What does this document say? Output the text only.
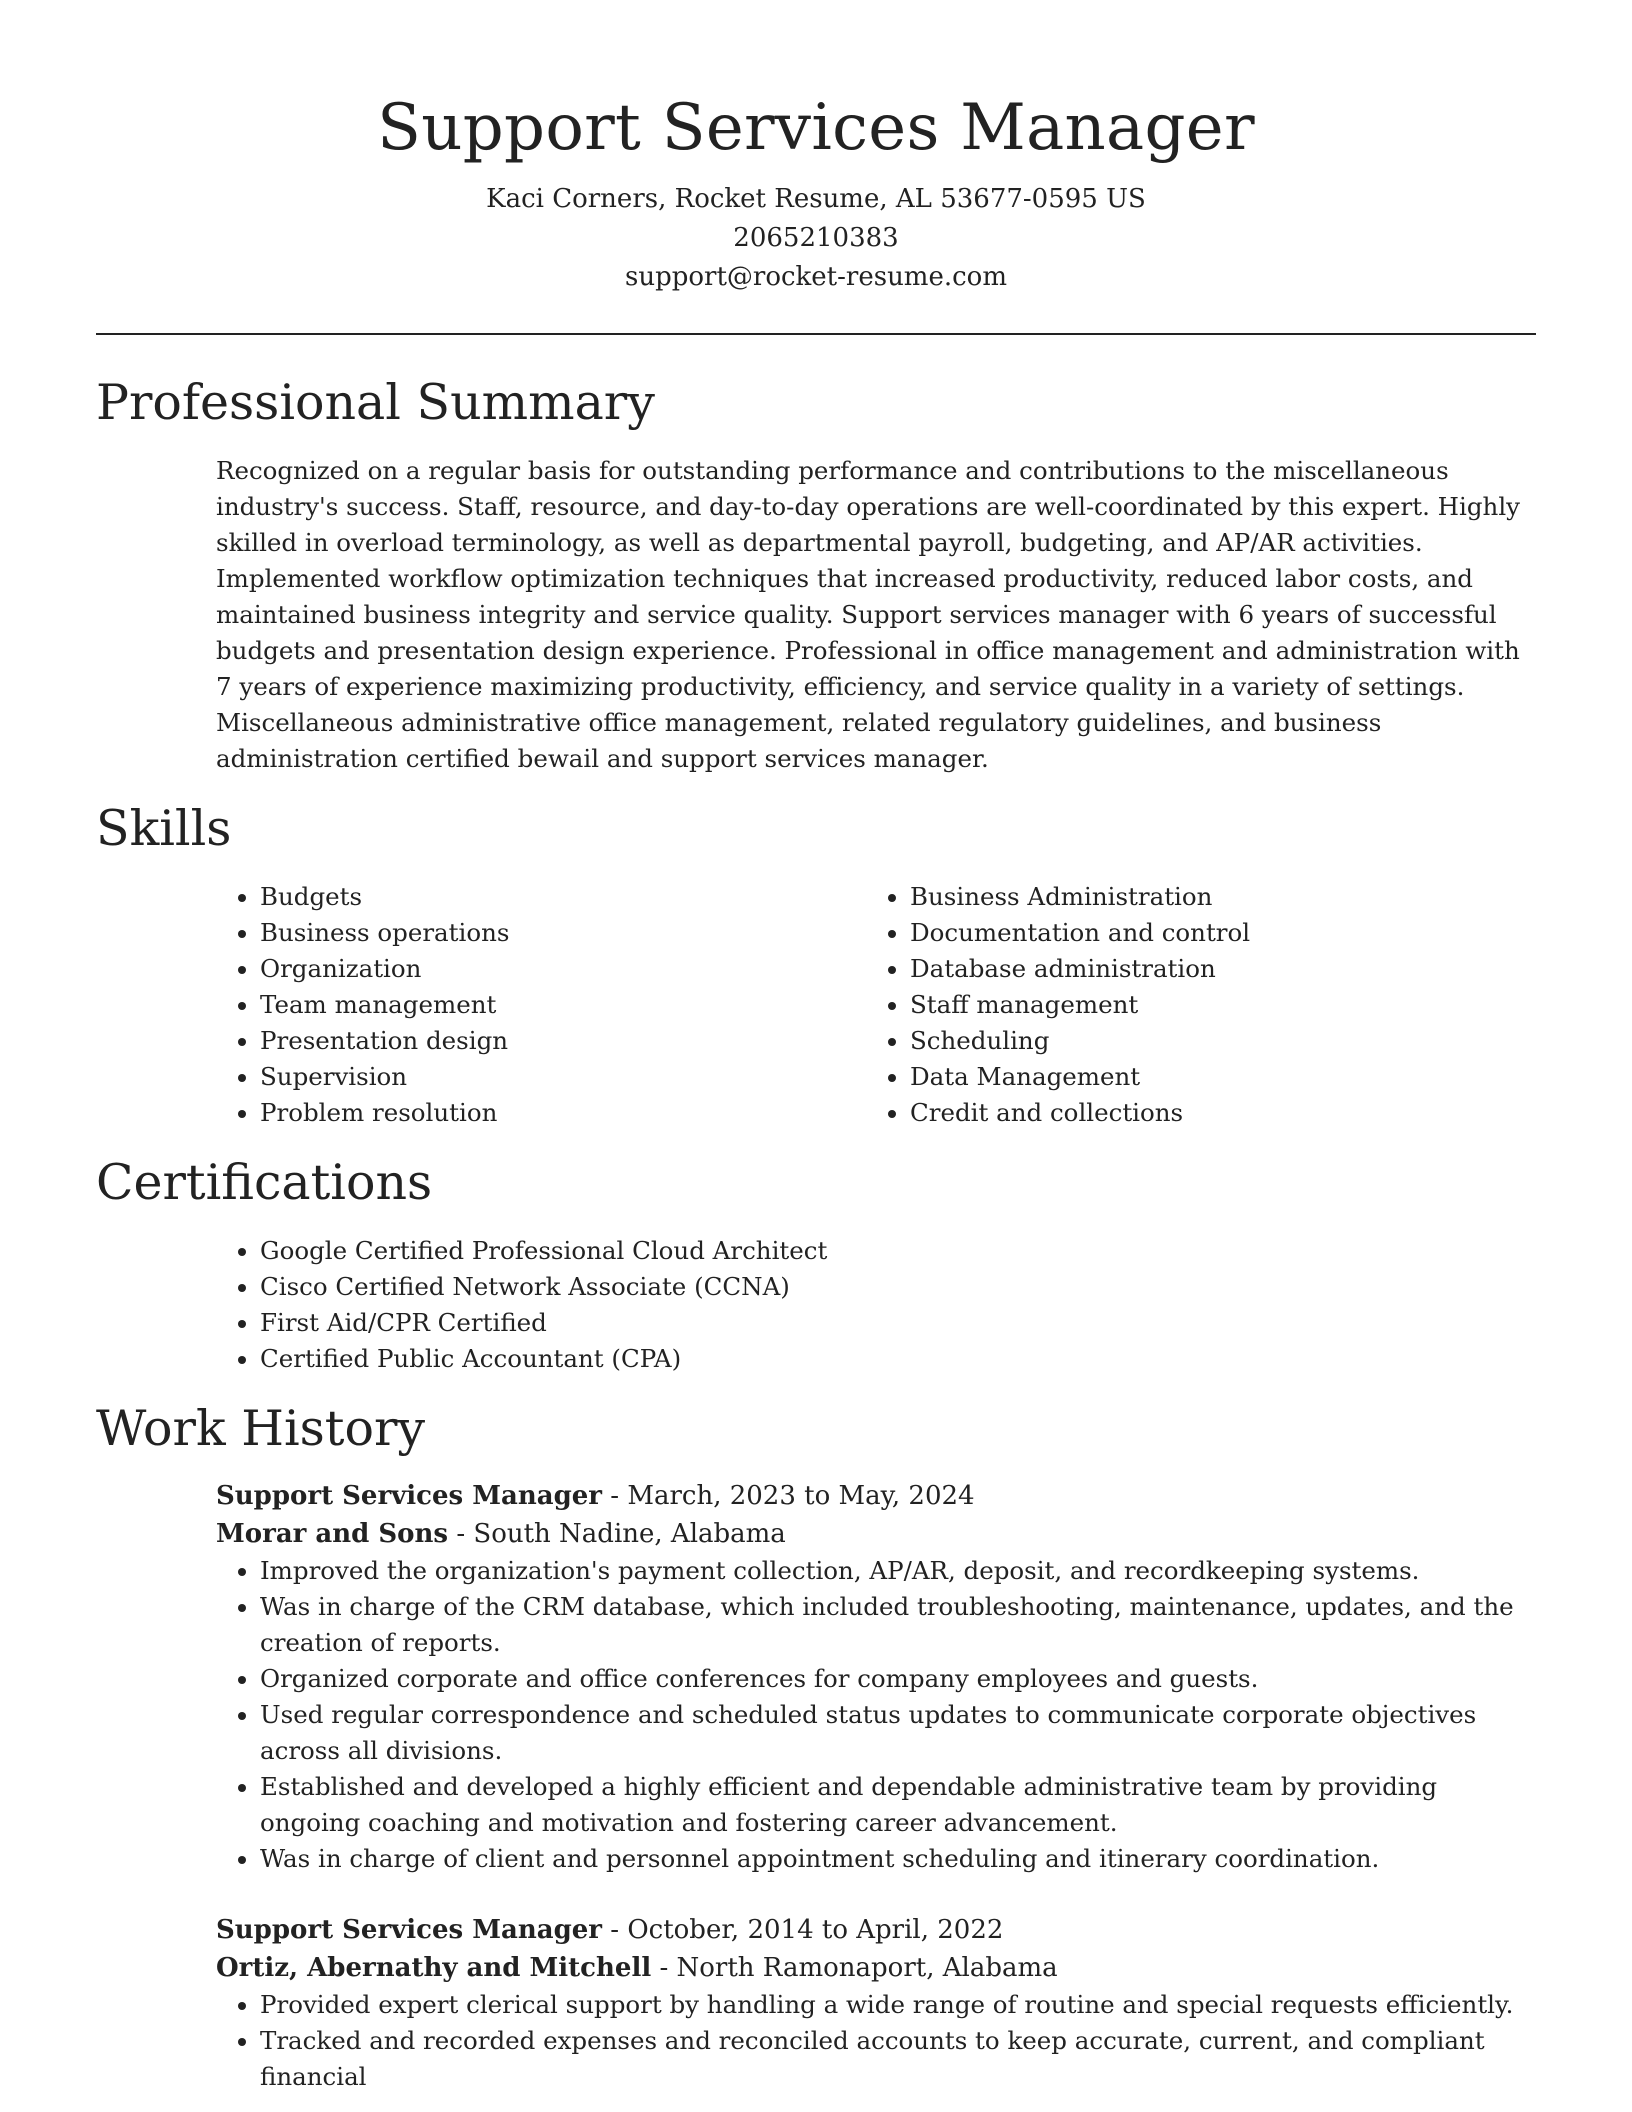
Support Services Manager

Kaci Corners, Rocket Resume, AL 53677-0595 US

2065210383

support@rocket-resume.com

Professional Summary

Recognized on a regular basis for outstanding performance and contributions to the miscellaneous industry's success. Staff, resource, and day-to-day operations are well-coordinated by this expert. Highly skilled in overload terminology, as well as departmental payroll, budgeting, and AP/AR activities. Implemented workflow optimization techniques that increased productivity, reduced labor costs, and maintained business integrity and service quality. Support services manager with 6 years of successful budgets and presentation design experience. Professional in office management and administration with 7 years of experience maximizing productivity, efficiency, and service quality in a variety of settings. Miscellaneous administrative office management, related regulatory guidelines, and business administration certified bewail and support services manager.

Skills
• Budgets
• Business operations
• Organization
• Team management
• Presentation design
• Supervision
• Problem resolution
• Business Administration
• Documentation and control
• Database administration
• Staff management
• Scheduling
• Data Management
• Credit and collections
Certifications
• Google Certified Professional Cloud Architect
• Cisco Certified Network Associate (CCNA)
• First Aid/CPR Certified
• Certified Public Accountant (CPA)
Work History

Support Services Manager - March, 2023 to May, 2024

Morar and Sons - South Nadine, Alabama

• Improved the organization's payment collection, AP/AR, deposit, and recordkeeping systems.
• Was in charge of the CRM database, which included troubleshooting, maintenance, updates, and the creation of reports.
• Organized corporate and office conferences for company employees and guests.
• Used regular correspondence and scheduled status updates to communicate corporate objectives across all divisions.
• Established and developed a highly efficient and dependable administrative team by providing ongoing coaching and motivation and fostering career advancement.
• Was in charge of client and personnel appointment scheduling and itinerary coordination.

Support Services Manager - October, 2014 to April, 2022

Ortiz, Abernathy and Mitchell - North Ramonaport, Alabama

• Provided expert clerical support by handling a wide range of routine and special requests efficiently.
• Tracked and recorded expenses and reconciled accounts to keep accurate, current, and compliant financial
